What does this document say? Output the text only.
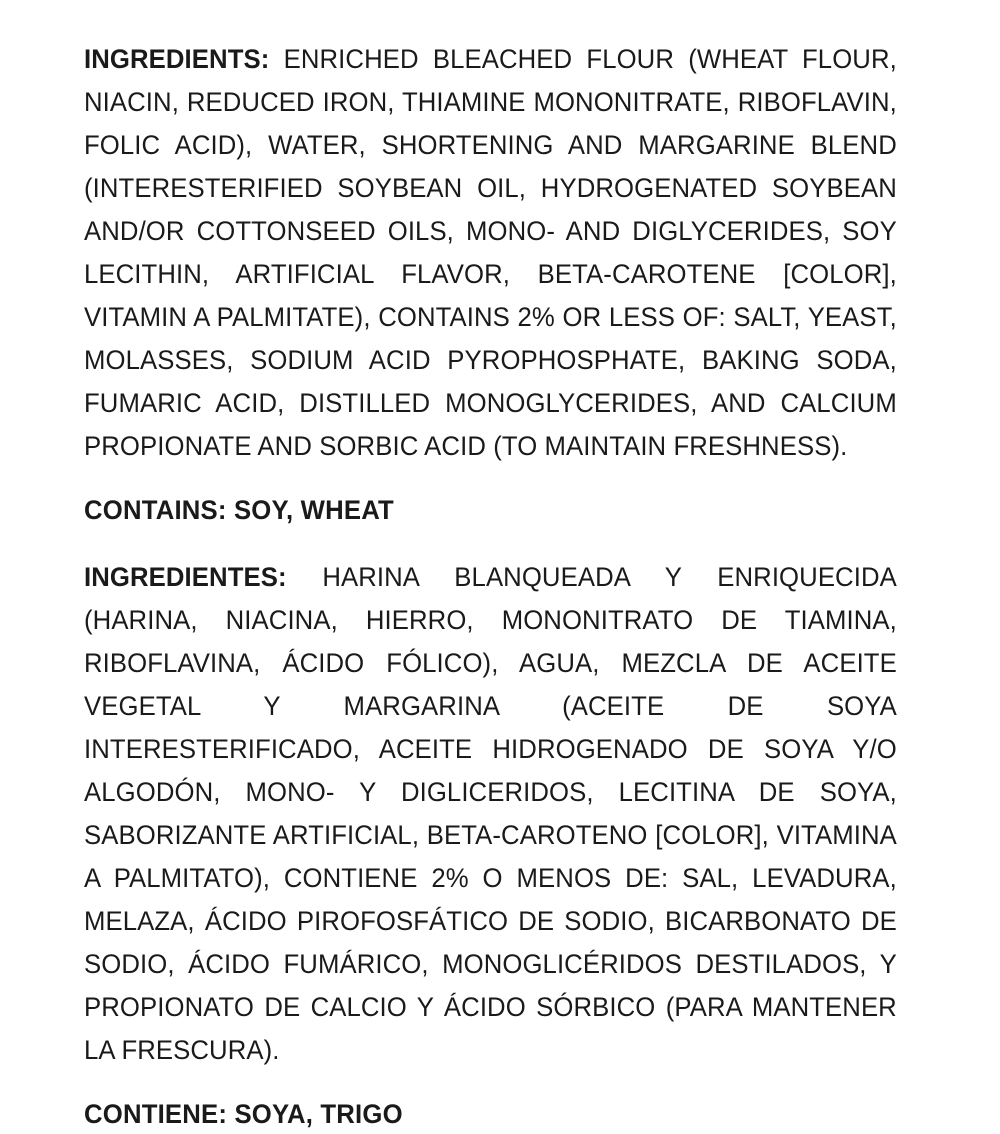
INGREDIENTS: ENRICHED BLEACHED FLOUR (WHEAT FLOUR, NIACIN, REDUCED IRON, THIAMINE MONONITRATE, RIBOFLAVIN, FOLIC ACID), WATER, SHORTENING AND MARGARINE BLEND (INTERESTERIFIED SOYBEAN OIL, HYDROGENATED SOYBEAN AND/OR COTTONSEED OILS, MONO- AND DIGLYCERIDES, SOY LECITHIN, ARTIFICIAL FLAVOR, BETA-CAROTENE [COLOR], VITAMIN A PALMITATE), CONTAINS 2% OR LESS OF: SALT, YEAST, MOLASSES, SODIUM ACID PYROPHOSPHATE, BAKING SODA, FUMARIC ACID, DISTILLED MONOGLYCERIDES, AND CALCIUM PROPIONATE AND SORBIC ACID (TO MAINTAIN FRESHNESS).

CONTAINS: SOY, WHEAT

INGREDIENTES: HARINA BLANQUEADA Y ENRIQUECIDA (HARINA, NIACINA, HIERRO, MONONITRATO DE TIAMINA, RIBOFLAVINA, ÁCIDO FÓLICO), AGUA, MEZCLA DE ACEITE VEGETAL Y MARGARINA (ACEITE DE SOYA INTERESTERIFICADO, ACEITE HIDROGENADO DE SOYA Y/O ALGODÓN, MONO- Y DIGLICERIDOS, LECITINA DE SOYA, SABORIZANTE ARTIFICIAL, BETA-CAROTENO [COLOR], VITAMINA A PALMITATO), CONTIENE 2% O MENOS DE: SAL, LEVADURA, MELAZA, ÁCIDO PIROFOSFÁTICO DE SODIO, BICARBONATO DE SODIO, ÁCIDO FUMÁRICO, MONOGLICÉRIDOS DESTILADOS, Y PROPIONATO DE CALCIO Y ÁCIDO SÓRBICO (PARA MANTENER LA FRESCURA).

CONTIENE: SOYA, TRIGO
